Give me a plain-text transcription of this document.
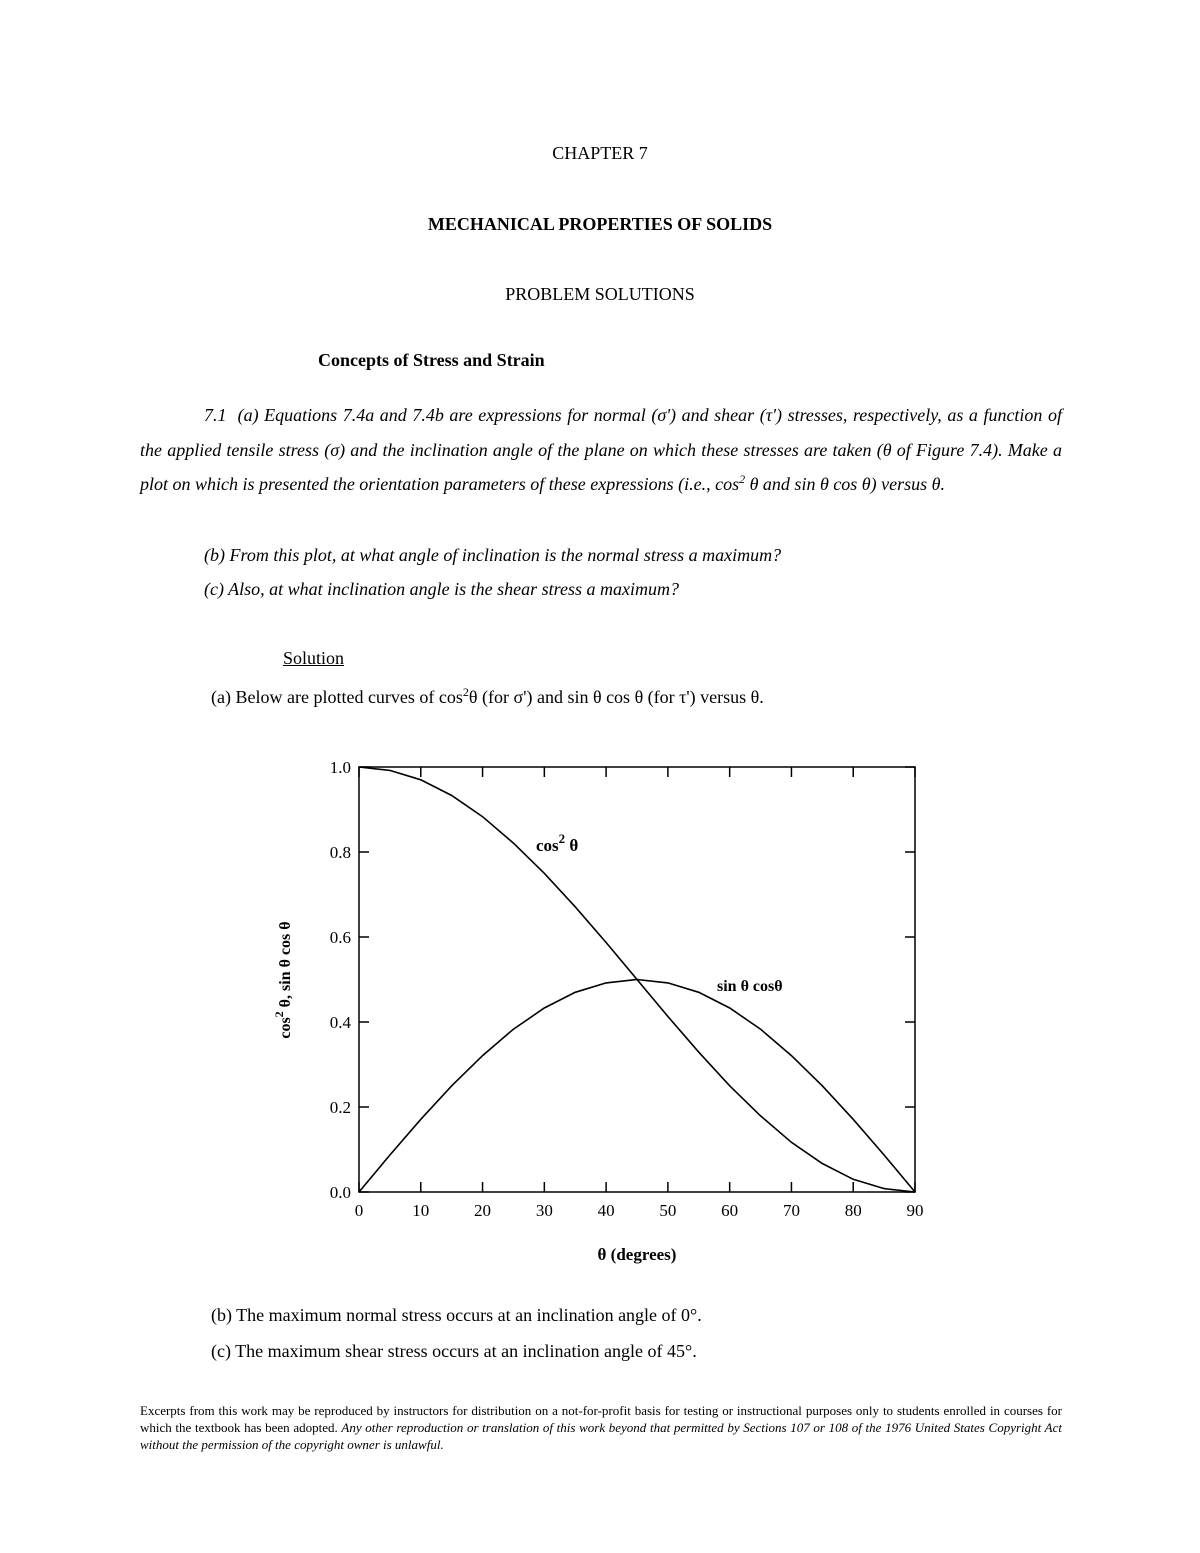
CHAPTER 7
MECHANICAL PROPERTIES OF SOLIDS
PROBLEM SOLUTIONS
Concepts of Stress and Strain
7.1 (a) Equations 7.4a and 7.4b are expressions for normal (σ') and shear (τ') stresses, respectively, as a function of the applied tensile stress (σ) and the inclination angle of the plane on which these stresses are taken (θ of Figure 7.4). Make a plot on which is presented the orientation parameters of these expressions (i.e., $\cos^2 \theta$ and sin θ cos θ) versus θ.
(b) From this plot, at what angle of inclination is the normal stress a maximum?
(c) Also, at what inclination angle is the shear stress a maximum?
Solution
(a) Below are plotted curves of $\cos^2\theta$ (for σ') and sin θ cos θ (for τ') versus θ.
0	10	20	30	40	50	60	70	80	90
0.0
0.2
0.4
0.6
0.8
1.0
$\cos^2 \theta$
sin θ cosθ
θ (degrees)
$\cos^2 \theta$, sin θ cos θ
(b) The maximum normal stress occurs at an inclination angle of 0°.
(c) The maximum shear stress occurs at an inclination angle of 45°.
Excerpts from this work may be reproduced by instructors for distribution on a not-for-profit basis for testing or instructional purposes only to students enrolled in courses for which the textbook has been adopted. Any other reproduction or translation of this work beyond that permitted by Sections 107 or 108 of the 1976 United States Copyright Act without the permission of the copyright owner is unlawful.
